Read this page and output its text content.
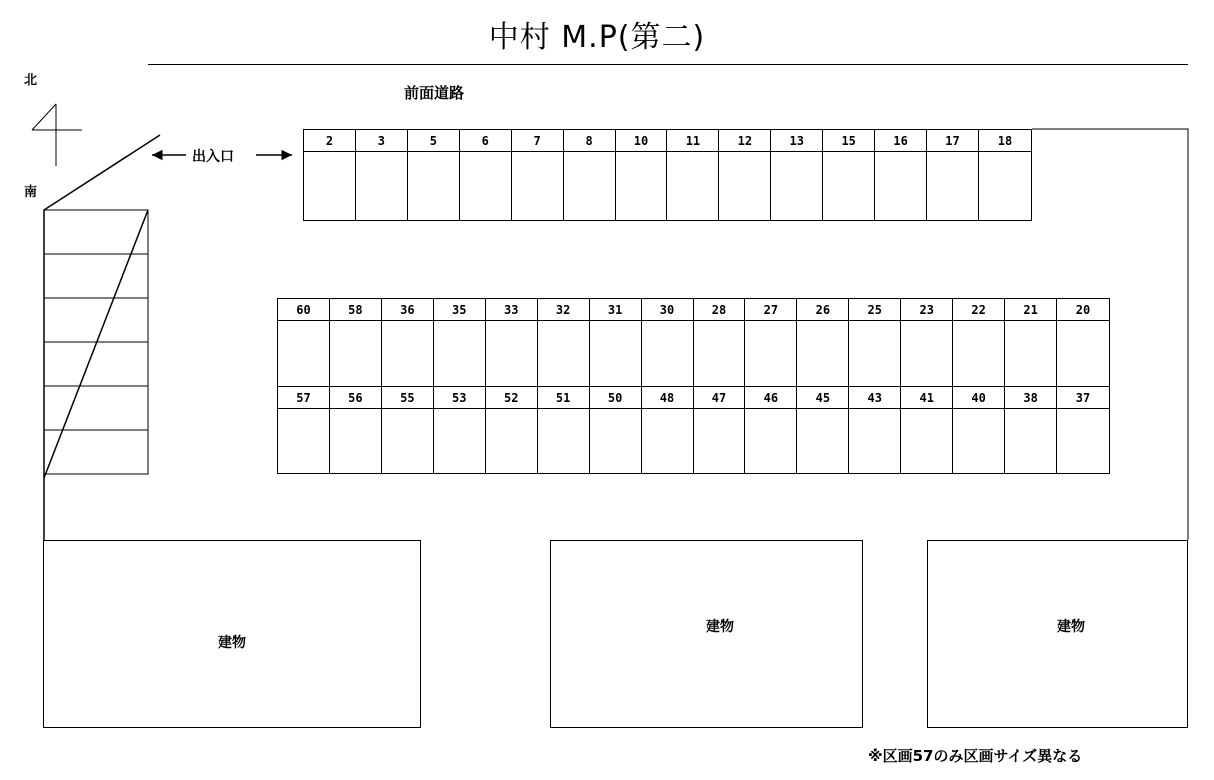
中村 M.P(第二)
北
南
前面道路
出入口
2	3	5	6	7	8	10	11	12	13	15	16	17	18
60	58	36	35	33	32	31	30	28	27	26	25	23	22	21	20
57	56	55	53	52	51	50	48	47	46	45	43	41	40	38	37
建物
建物	建物
※区画57のみ区画サイズ異なる
